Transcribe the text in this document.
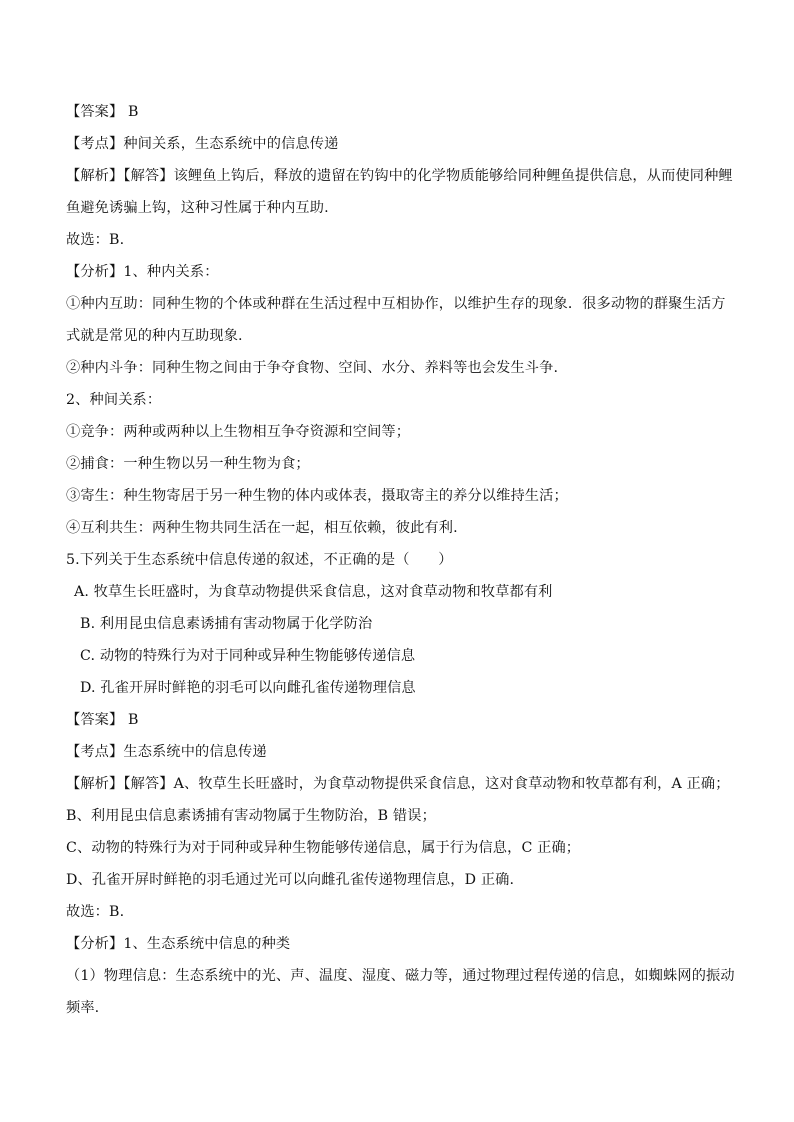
【答案】 B
【考点】种间关系，生态系统中的信息传递
【解析】【解答】该鲤鱼上钩后，释放的遗留在钓钩中的化学物质能够给同种鲤鱼提供信息，从而使同种鲤
鱼避免诱骗上钩，这种习性属于种内互助.
故选：B.
【分析】1、种内关系：
①种内互助：同种生物的个体或种群在生活过程中互相协作，以维护生存的现象．很多动物的群聚生活方
式就是常见的种内互助现象.
②种内斗争：同种生物之间由于争夺食物、空间、水分、养料等也会发生斗争.
2、种间关系：
①竞争：两种或两种以上生物相互争夺资源和空间等；
②捕食：一种生物以另一种生物为食；
③寄生：种生物寄居于另一种生物的体内或体表，摄取寄主的养分以维持生活；
④互利共生：两种生物共同生活在一起，相互依赖，彼此有利.
5.下列关于生态系统中信息传递的叙述，不正确的是（　　）
A. 牧草生长旺盛时，为食草动物提供采食信息，这对食草动物和牧草都有利
B. 利用昆虫信息素诱捕有害动物属于化学防治
C. 动物的特殊行为对于同种或异种生物能够传递信息
D. 孔雀开屏时鲜艳的羽毛可以向雌孔雀传递物理信息
【答案】 B
【考点】生态系统中的信息传递
【解析】【解答】A、牧草生长旺盛时，为食草动物提供采食信息，这对食草动物和牧草都有利，A 正确；
B、利用昆虫信息素诱捕有害动物属于生物防治，B 错误；
C、动物的特殊行为对于同种或异种生物能够传递信息，属于行为信息，C 正确；
D、孔雀开屏时鲜艳的羽毛通过光可以向雌孔雀传递物理信息，D 正确.
故选：B.
【分析】1、生态系统中信息的种类
（1）物理信息：生态系统中的光、声、温度、湿度、磁力等，通过物理过程传递的信息，如蜘蛛网的振动
频率.
